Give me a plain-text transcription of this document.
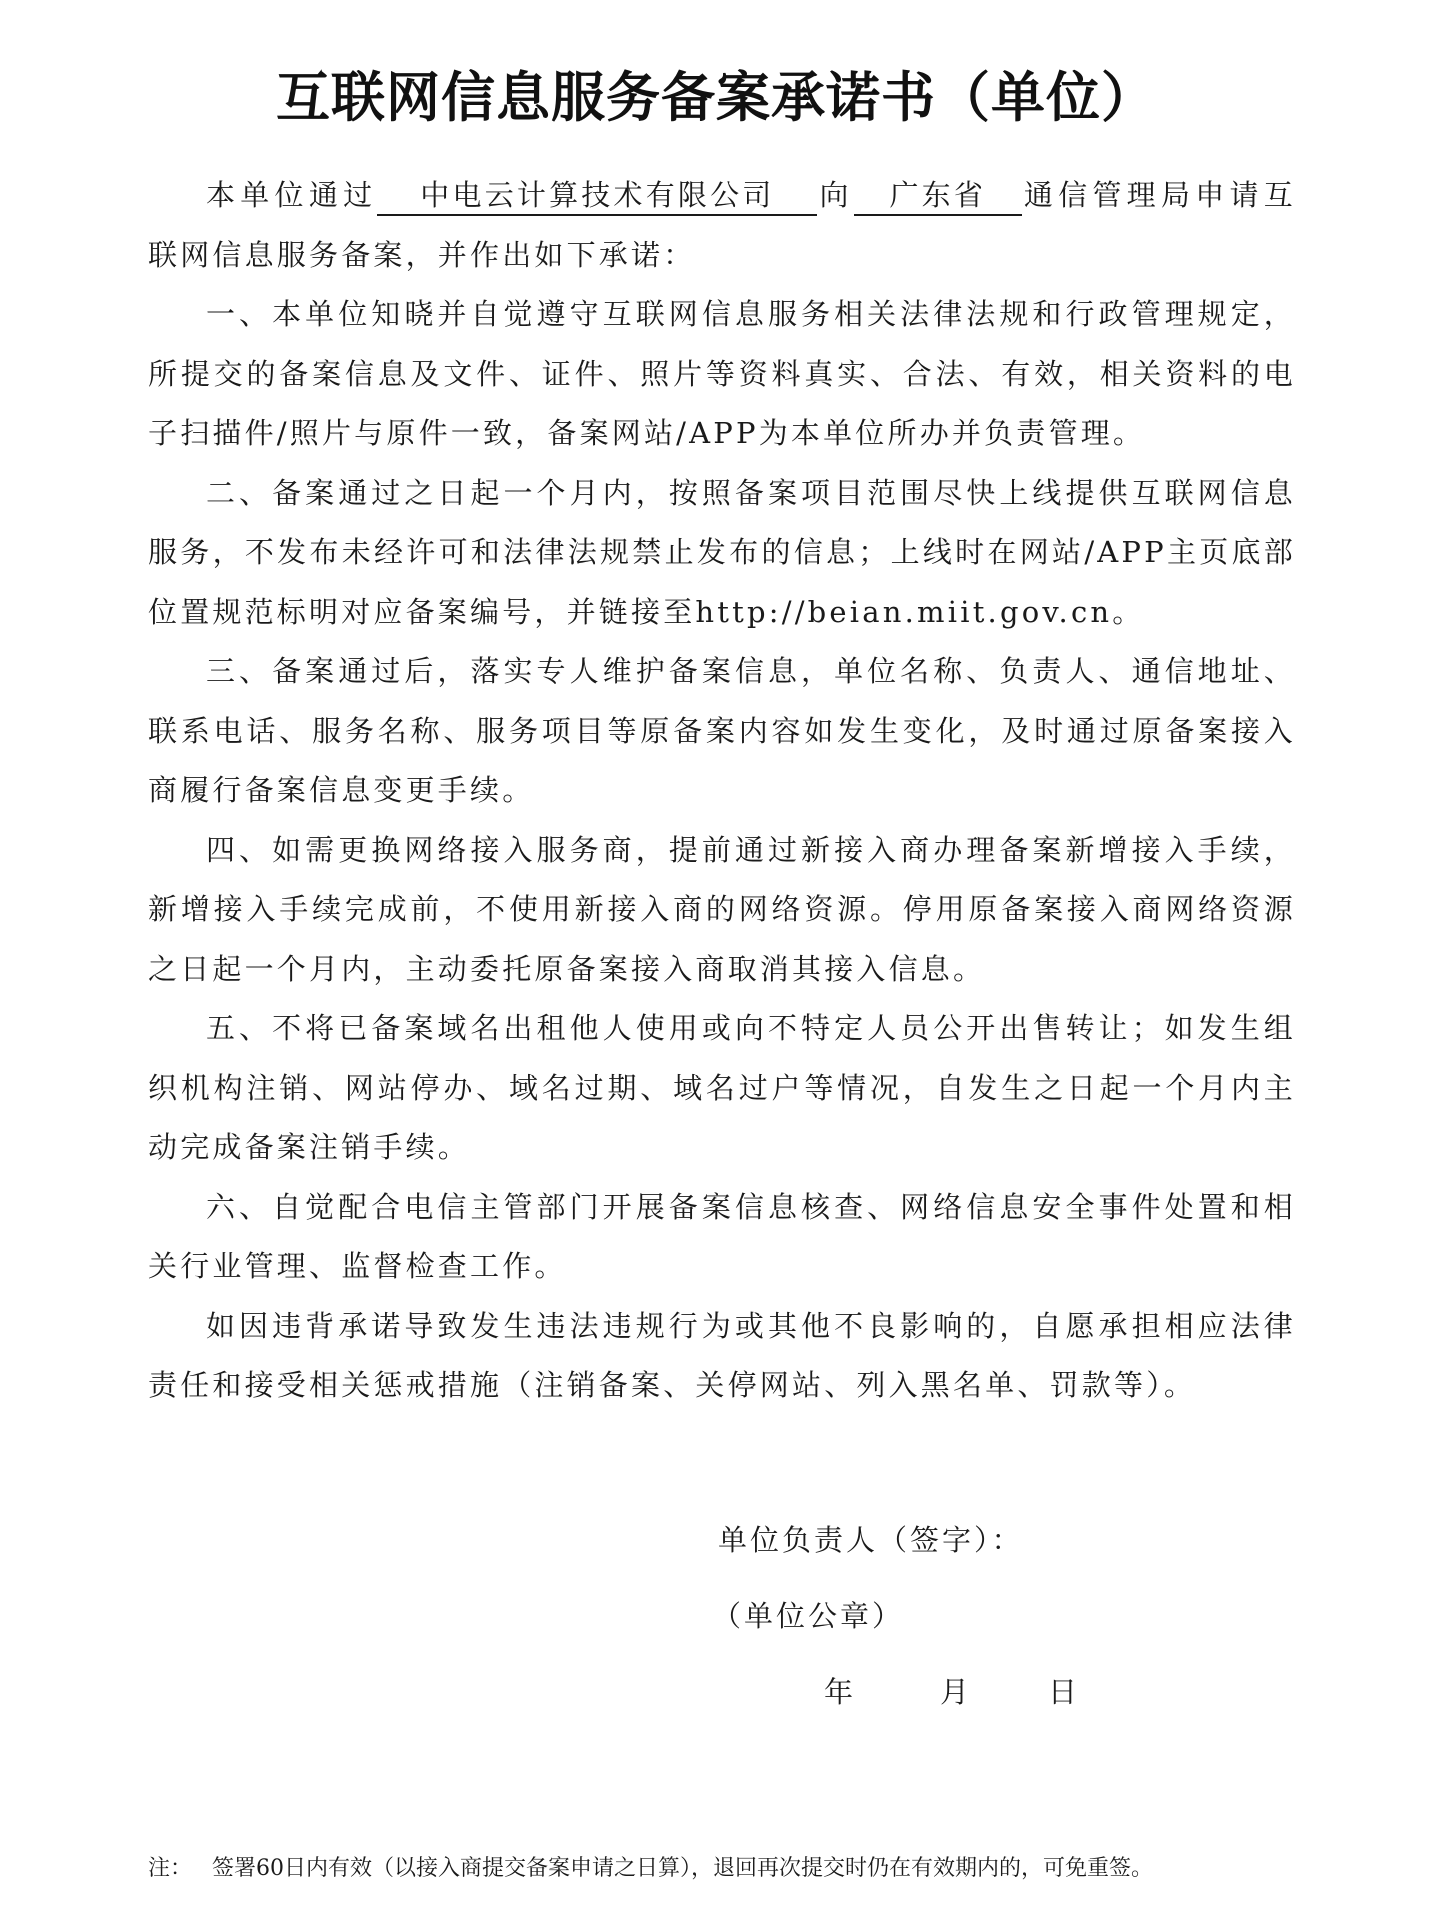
互联网信息服务备案承诺书（单位）

本单位通过 中电云计算技术有限公司 向 广东省 通信管理局申请互联网信息服务备案，并作出如下承诺：

一、本单位知晓并自觉遵守互联网信息服务相关法律法规和行政管理规定，所提交的备案信息及文件、证件、照片等资料真实、合法、有效，相关资料的电子扫描件/照片与原件一致，备案网站/APP为本单位所办并负责管理。

二、备案通过之日起一个月内，按照备案项目范围尽快上线提供互联网信息服务，不发布未经许可和法律法规禁止发布的信息；上线时在网站/APP主页底部位置规范标明对应备案编号，并链接至http://beian.miit.gov.cn。

三、备案通过后，落实专人维护备案信息，单位名称、负责人、通信地址、联系电话、服务名称、服务项目等原备案内容如发生变化，及时通过原备案接入商履行备案信息变更手续。

四、如需更换网络接入服务商，提前通过新接入商办理备案新增接入手续，新增接入手续完成前，不使用新接入商的网络资源。停用原备案接入商网络资源之日起一个月内，主动委托原备案接入商取消其接入信息。

五、不将已备案域名出租他人使用或向不特定人员公开出售转让；如发生组织机构注销、网站停办、域名过期、域名过户等情况，自发生之日起一个月内主动完成备案注销手续。

六、自觉配合电信主管部门开展备案信息核查、网络信息安全事件处置和相关行业管理、监督检查工作。

如因违背承诺导致发生违法违规行为或其他不良影响的，自愿承担相应法律责任和接受相关惩戒措施（注销备案、关停网站、列入黑名单、罚款等）。

单位负责人（签字）：
（单位公章）
年	月	日
注： 签署60日内有效（以接入商提交备案申请之日算），退回再次提交时仍在有效期内的，可免重签。
